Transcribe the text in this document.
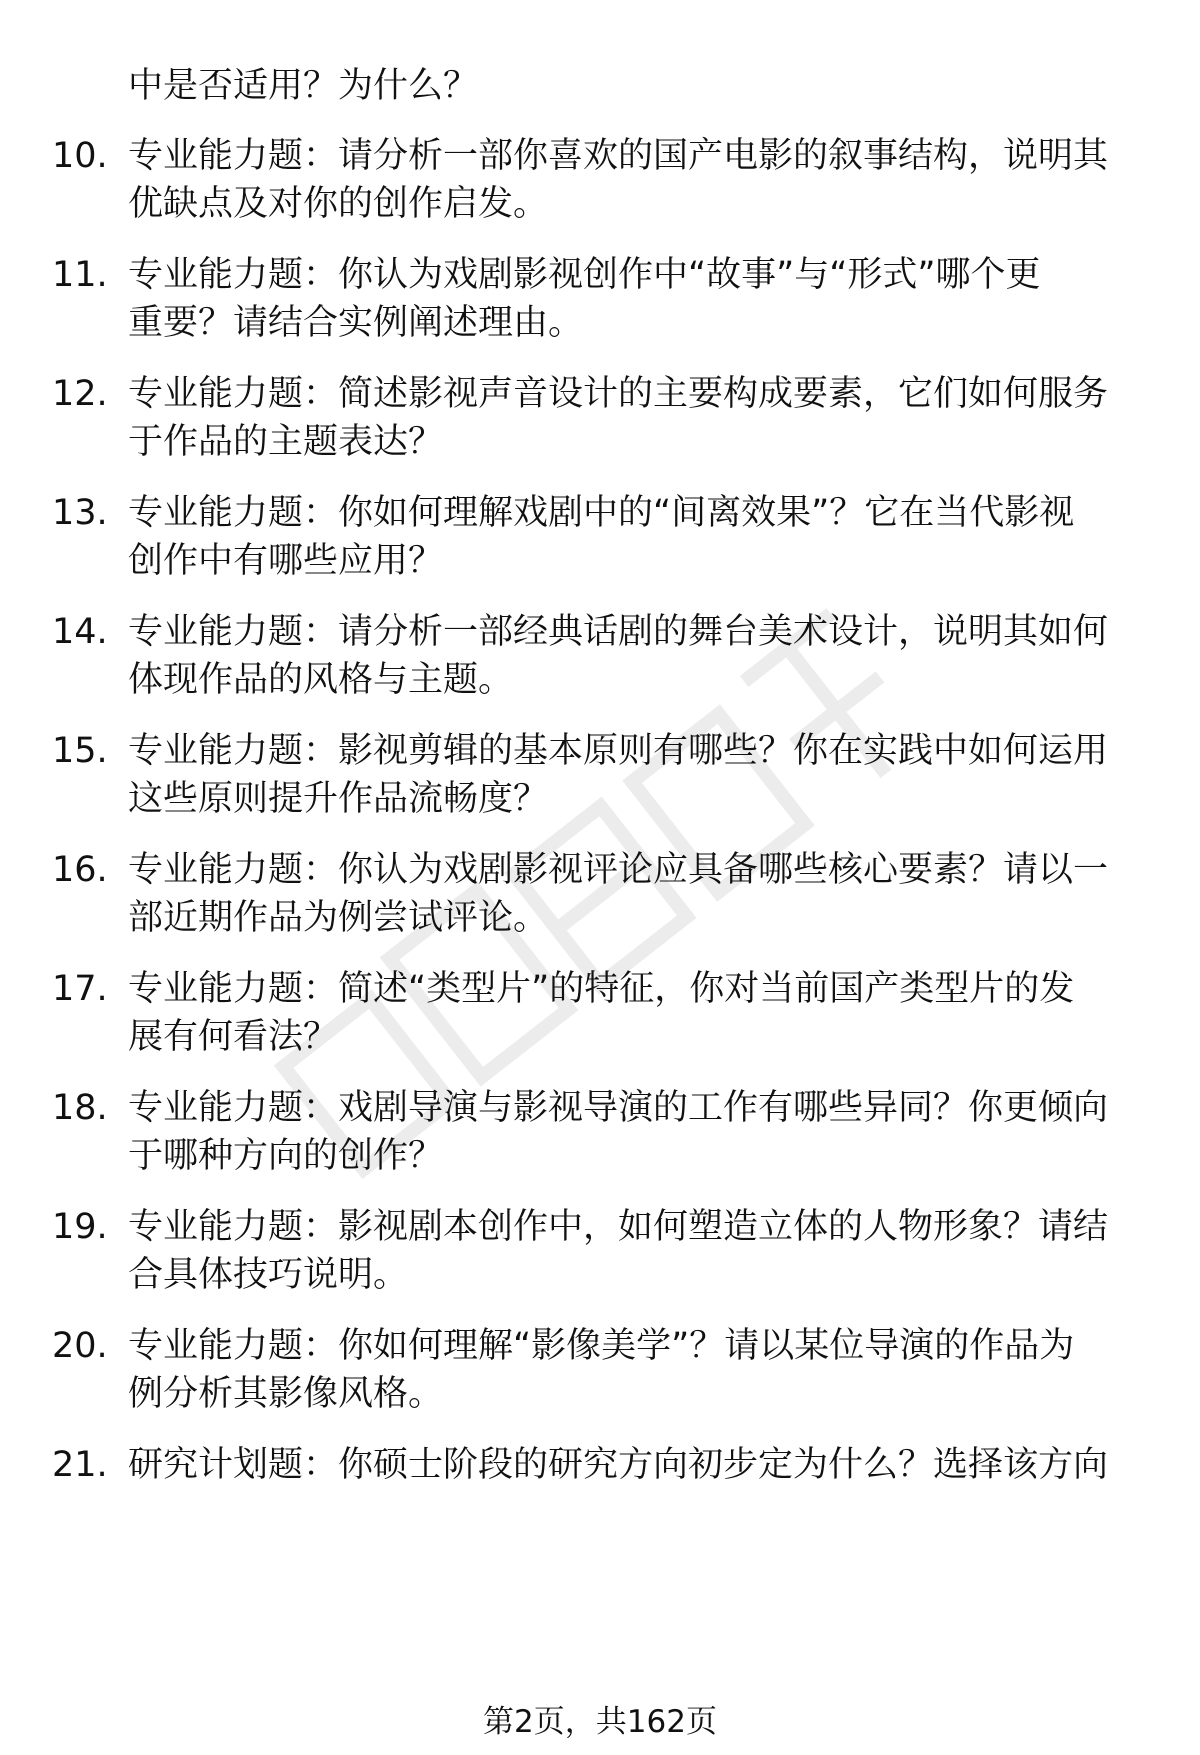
中是否适用？为什么？
10. 专业能力题：请分析一部你喜欢的国产电影的叙事结构，说明其
优缺点及对你的创作启发。
11. 专业能力题：你认为戏剧影视创作中“故事”与“形式”哪个更
重要？请结合实例阐述理由。
12. 专业能力题：简述影视声音设计的主要构成要素，它们如何服务
于作品的主题表达？
13. 专业能力题：你如何理解戏剧中的“间离效果”？它在当代影视
创作中有哪些应用？
14. 专业能力题：请分析一部经典话剧的舞台美术设计，说明其如何
体现作品的风格与主题。
15. 专业能力题：影视剪辑的基本原则有哪些？你在实践中如何运用
这些原则提升作品流畅度？
16. 专业能力题：你认为戏剧影视评论应具备哪些核心要素？请以一
部近期作品为例尝试评论。
17. 专业能力题：简述“类型片”的特征，你对当前国产类型片的发
展有何看法？
18. 专业能力题：戏剧导演与影视导演的工作有哪些异同？你更倾向
于哪种方向的创作？
19. 专业能力题：影视剧本创作中，如何塑造立体的人物形象？请结
合具体技巧说明。
20. 专业能力题：你如何理解“影像美学”？请以某位导演的作品为
例分析其影像风格。
21. 研究计划题：你硕士阶段的研究方向初步定为什么？选择该方向
第2页，共162页
